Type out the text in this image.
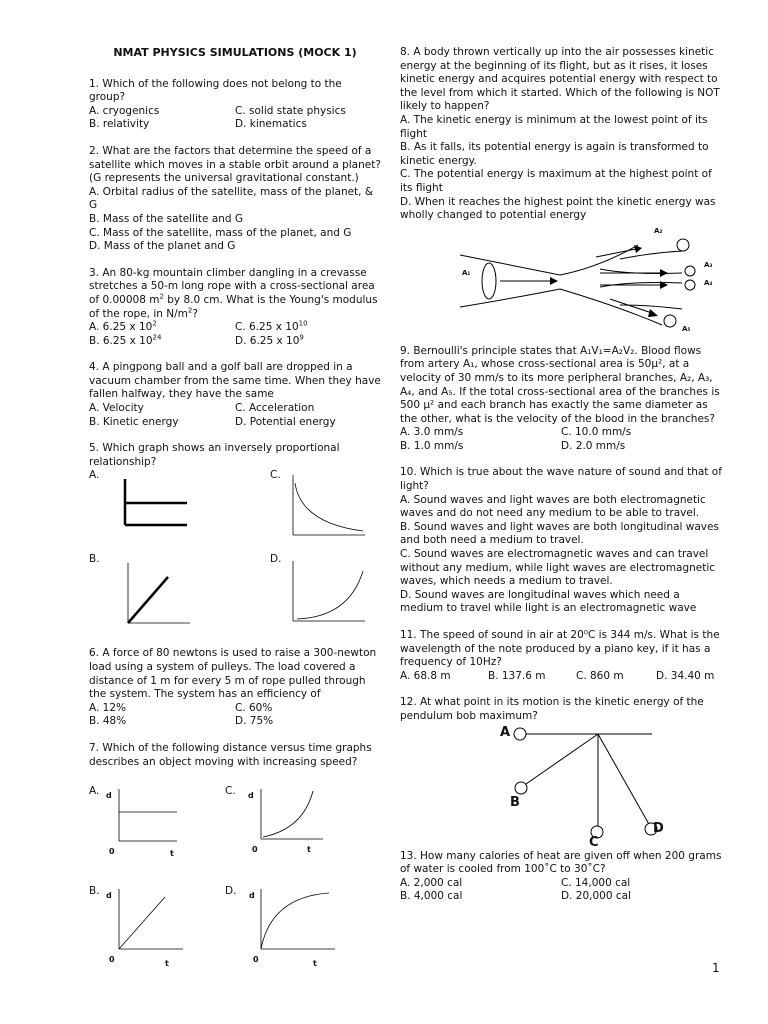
NMAT PHYSICS SIMULATIONS (MOCK 1)
1. Which of the following does not belong to the group?
A. cryogenics	C. solid state physics
B. relativity	D. kinematics
2. What are the factors that determine the speed of a satellite which moves in a stable orbit around a planet? (G represents the universal gravitational constant.)
A. Orbital radius of the satellite, mass of the planet, & G
B. Mass of the satellite and G
C. Mass of the satellite, mass of the planet, and G
D. Mass of the planet and G
3. An 80-kg mountain climber dangling in a crevasse stretches a 50-m long rope with a cross-sectional area of 0.00008 $m^2$ by 8.0 cm. What is the Young's modulus of the rope, in $N/m^2$?
A. 6.25 x $10^2$	C. 6.25 x $10^{10}$
B. 6.25 x $10^{24}$	D. 6.25 x $10^9$
4. A pingpong ball and a golf ball are dropped in a vacuum chamber from the same time. When they have fallen halfway, they have the same
A. Velocity	C. Acceleration
B. Kinetic energy	D. Potential energy
5. Which graph shows an inversely proportional relationship?
A.	C.
B.	D.
6. A force of 80 newtons is used to raise a 300-newton load using a system of pulleys. The load covered a distance of 1 m for every 5 m of rope pulled through the system. The system has an efficiency of
A. 12%	C. 60%
B. 48%	D. 75%
7. Which of the following distance versus time graphs describes an object moving with increasing speed?
A. d
0	t
C. d
0	t
B. d
0	t
D. d
0	t
8. A body thrown vertically up into the air possesses kinetic energy at the beginning of its flight, but as it rises, it loses kinetic energy and acquires potential energy with respect to the level from which it started. Which of the following is NOT likely to happen?
A. The kinetic energy is minimum at the lowest point of its flight
B. As it falls, its potential energy is again is transformed to kinetic energy.
C. The potential energy is maximum at the highest point of its flight
D. When it reaches the highest point the kinetic energy was wholly changed to potential energy
A₁
A₂
A₃
A₄
A₅
9. Bernoulli's principle states that A₁V₁=A₂V₂. Blood flows from artery A₁, whose cross-sectional area is 50μ², at a velocity of 30 mm/s to its more peripheral branches, A₂, A₃, A₄, and A₅. If the total cross-sectional area of the branches is 500 μ² and each branch has exactly the same diameter as the other, what is the velocity of the blood in the branches?
A. 3.0 mm/s	C. 10.0 mm/s
B. 1.0 mm/s	D. 2.0 mm/s
10. Which is true about the wave nature of sound and that of light?
A. Sound waves and light waves are both electromagnetic waves and do not need any medium to be able to travel.
B. Sound waves and light waves are both longitudinal waves and both need a medium to travel.
C. Sound waves are electromagnetic waves and can travel without any medium, while light waves are electromagnetic waves, which needs a medium to travel.
D. Sound waves are longitudinal waves which need a medium to travel while light is an electromagnetic wave
11. The speed of sound in air at 20⁰C is 344 m/s. What is the wavelength of the note produced by a piano key, if it has a frequency of 10Hz?
A. 68.8 m	B. 137.6 m	C. 860 m	D. 34.40 m
12. At what point in its motion is the kinetic energy of the pendulum bob maximum?
A
B
C
D
13. How many calories of heat are given off when 200 grams of water is cooled from 100˚C to 30˚C?
A. 2,000 cal	C. 14,000 cal
B. 4,000 cal	D. 20,000 cal
1
